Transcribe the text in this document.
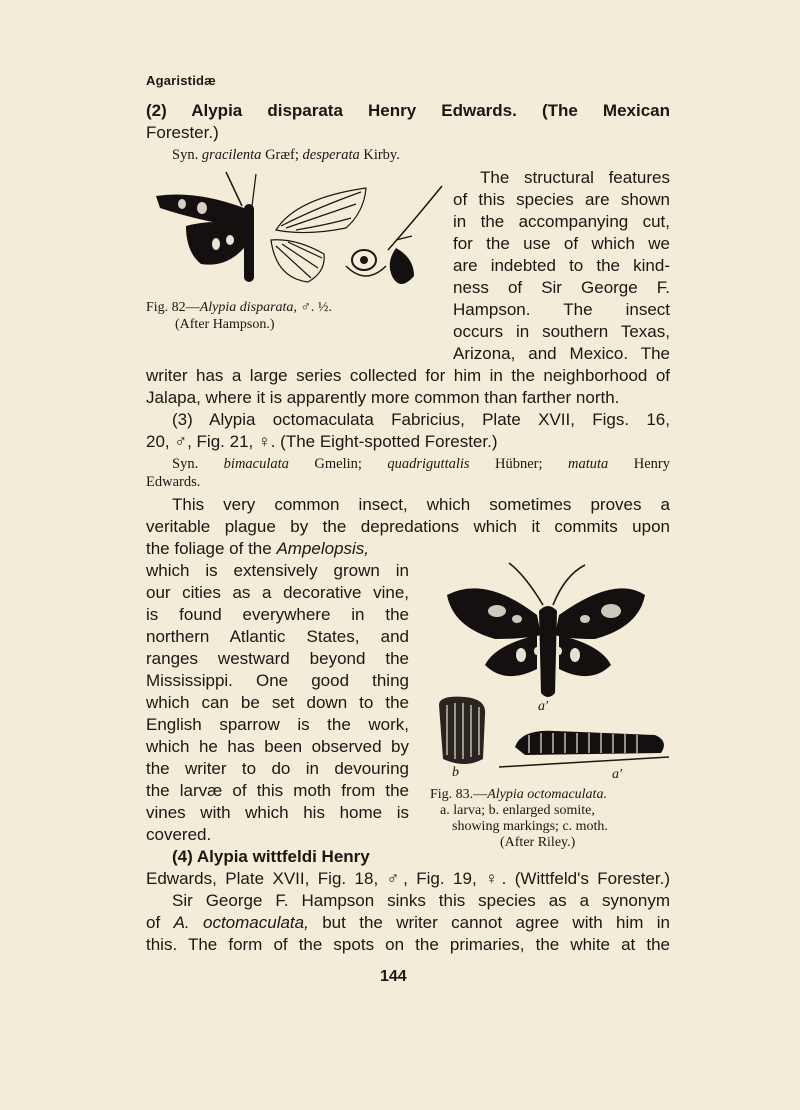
Agaristidæ
(2) Alypia disparata Henry Edwards. (The Mexican
Forester.)
Syn. gracilenta Græf; desperata Kirby.
Fig. 82—Alypia disparata, ♂. ½.
(After Hampson.)
The structural features
of this species are shown
in the accompanying cut,
for the use of which we
are indebted to the kind-
ness of Sir George F.
Hampson. The insect
occurs in southern Texas,
Arizona, and Mexico. The
writer has a large series collected for him in the neighborhood of
Jalapa, where it is apparently more common than farther north.
(3) Alypia octomaculata Fabricius, Plate XVII, Figs. 16,
20, ♂, Fig. 21, ♀. (The Eight-spotted Forester.)
Syn. bimaculata Gmelin; quadriguttalis Hübner; matuta Henry
Edwards.
This very common insect, which sometimes proves a
veritable plague by the depredations which it commits upon
the foliage of the Ampelopsis,
which is extensively grown in
our cities as a decorative vine,
is found everywhere in the
northern Atlantic States, and
ranges westward beyond the
Mississippi. One good thing
which can be set down to the
English sparrow is the work,
which he has been observed by
the writer to do in devouring
the larvæ of this moth from the
vines with which his home is
covered.
a'
b	a'
Fig. 83.—Alypia octomaculata.
a. larva; b. enlarged somite,
showing markings; c. moth.
(After Riley.)
(4) Alypia wittfeldi Henry
Edwards, Plate XVII, Fig. 18, ♂, Fig. 19, ♀. (Wittfeld's Forester.)
Sir George F. Hampson sinks this species as a synonym
of A. octomaculata, but the writer cannot agree with him in
this. The form of the spots on the primaries, the white at the
144
